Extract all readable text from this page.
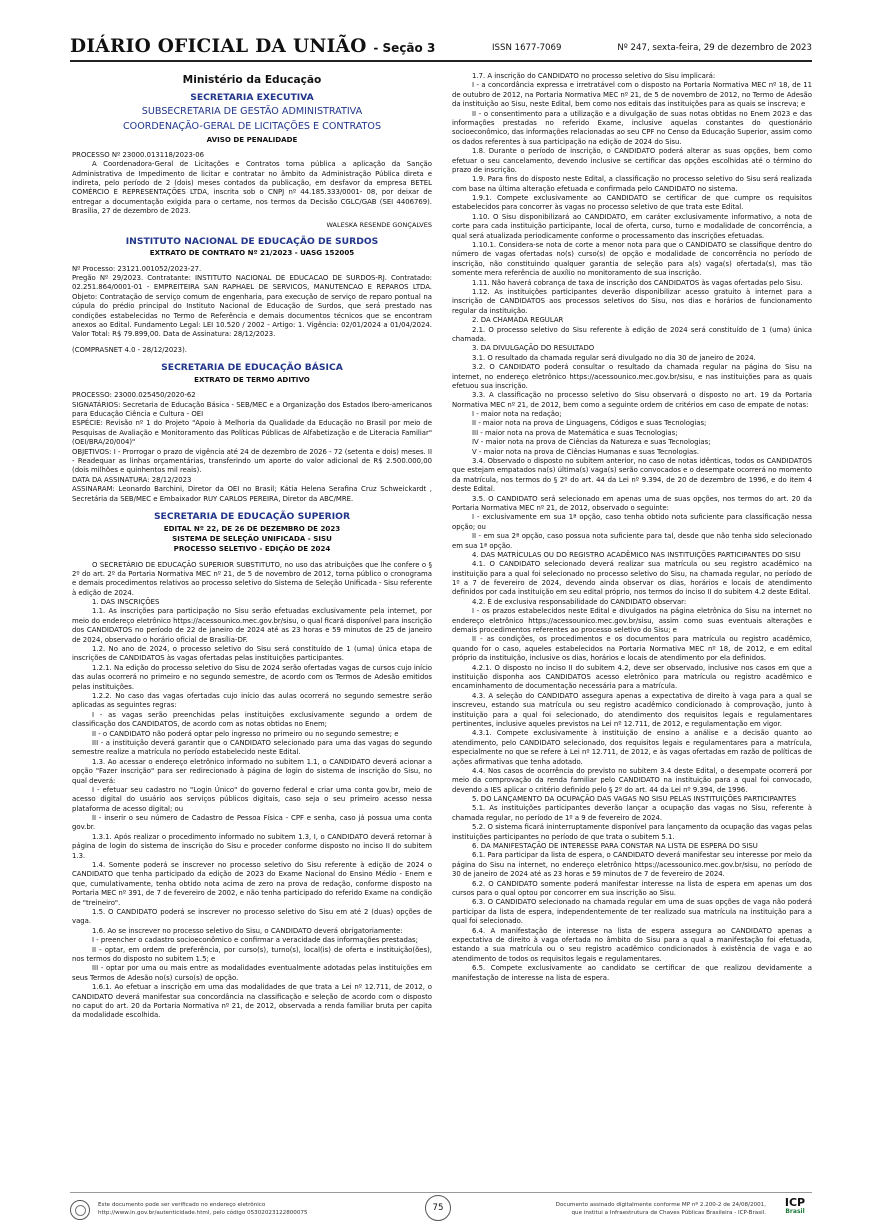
DIÁRIO OFICIAL DA UNIÃO - Seção 3	ISSN 1677-7069	Nº 247, sexta-feira, 29 de dezembro de 2023
Ministério da Educação
SECRETARIA EXECUTIVA
SUBSECRETARIA DE GESTÃO ADMINISTRATIVA
COORDENAÇÃO-GERAL DE LICITAÇÕES E CONTRATOS
AVISO DE PENALIDADE

PROCESSO Nº 23000.013118/2023-06

A Coordenadora-Geral de Licitações e Contratos torna pública a aplicação da Sanção Administrativa de Impedimento de licitar e contratar no âmbito da Administração Pública direta e indireta, pelo período de 2 (dois) meses contados da publicação, em desfavor da empresa BETEL COMÉRCIO E REPRESENTAÇÕES LTDA, inscrita sob o CNPJ nº 44.185.333/0001- 08, por deixar de entregar a documentação exigida para o certame, nos termos da Decisão CGLC/GAB (SEI 4406769). Brasília, 27 de dezembro de 2023.

WALESKA RESENDE GONÇALVES
INSTITUTO NACIONAL DE EDUCAÇÃO DE SURDOS
EXTRATO DE CONTRATO Nº 21/2023 - UASG 152005

Nº Processo: 23121.001052/2023-27.

Pregão Nº 29/2023. Contratante: INSTITUTO NACIONAL DE EDUCACAO DE SURDOS-RJ. Contratado: 02.251.864/0001-01 - EMPREITEIRA SAN RAPHAEL DE SERVICOS, MANUTENCAO E REPAROS LTDA. Objeto: Contratação de serviço comum de engenharia, para execução de serviço de reparo pontual na cúpula do prédio principal do Instituto Nacional de Educação de Surdos, que será prestado nas condições estabelecidas no Termo de Referência e demais documentos técnicos que se encontram anexos ao Edital. Fundamento Legal: LEI 10.520 / 2002 - Artigo: 1. Vigência: 02/01/2024 a 01/04/2024. Valor Total: R$ 79.899,00. Data de Assinatura: 28/12/2023.

(COMPRASNET 4.0 - 28/12/2023).

SECRETARIA DE EDUCAÇÃO BÁSICA
EXTRATO DE TERMO ADITIVO

PROCESSO: 23000.025450/2020-62

SIGNATÁRIOS: Secretaria de Educação Básica - SEB/MEC e a Organização dos Estados Ibero-americanos para Educação Ciência e Cultura - OEI

ESPÉCIE: Revisão nº 1 do Projeto "Apoio à Melhoria da Qualidade da Educação no Brasil por meio de Pesquisas de Avaliação e Monitoramento das Políticas Públicas de Alfabetização e de Literacia Familiar" (OEI/BRA/20/004)"

OBJETIVOS: I - Prorrogar o prazo de vigência até 24 de dezembro de 2026 - 72 (setenta e dois) meses. II - Readequar as linhas orçamentárias, transferindo um aporte do valor adicional de R$ 2.500.000,00 (dois milhões e quinhentos mil reais).

DATA DA ASSINATURA: 28/12/2023

ASSINARAM: Leonardo Barchini, Diretor da OEI no Brasil; Kátia Helena Serafina Cruz Schweickardt , Secretária da SEB/MEC e Embaixador RUY CARLOS PEREIRA, Diretor da ABC/MRE.

SECRETARIA DE EDUCAÇÃO SUPERIOR
EDITAL Nº 22, DE 26 DE DEZEMBRO DE 2023
SISTEMA DE SELEÇÃO UNIFICADA - SISU
PROCESSO SELETIVO - EDIÇÃO DE 2024

O SECRETÁRIO DE EDUCAÇÃO SUPERIOR SUBSTITUTO, no uso das atribuições que lhe confere o § 2º do art. 2º da Portaria Normativa MEC nº 21, de 5 de novembro de 2012, torna público o cronograma e demais procedimentos relativos ao processo seletivo do Sistema de Seleção Unificada - Sisu referente à edição de 2024.

1. DAS INSCRIÇÕES

1.1. As inscrições para participação no Sisu serão efetuadas exclusivamente pela internet, por meio do endereço eletrônico https://acessounico.mec.gov.br/sisu, o qual ficará disponível para inscrição dos CANDIDATOS no período de 22 de janeiro de 2024 até as 23 horas e 59 minutos de 25 de janeiro de 2024, observado o horário oficial de Brasília-DF.

1.2. No ano de 2024, o processo seletivo do Sisu será constituído de 1 (uma) única etapa de inscrições de CANDIDATOS às vagas ofertadas pelas instituições participantes.

1.2.1. Na edição do processo seletivo do Sisu de 2024 serão ofertadas vagas de cursos cujo início das aulas ocorrerá no primeiro e no segundo semestre, de acordo com os Termos de Adesão emitidos pelas instituições.

1.2.2. No caso das vagas ofertadas cujo início das aulas ocorrerá no segundo semestre serão aplicadas as seguintes regras:

I - as vagas serão preenchidas pelas instituições exclusivamente segundo a ordem de classificação dos CANDIDATOS, de acordo com as notas obtidas no Enem;

II - o CANDIDATO não poderá optar pelo ingresso no primeiro ou no segundo semestre; e

III - a instituição deverá garantir que o CANDIDATO selecionado para uma das vagas do segundo semestre realize a matrícula no período estabelecido neste Edital.

1.3. Ao acessar o endereço eletrônico informado no subitem 1.1, o CANDIDATO deverá acionar a opção "Fazer inscrição" para ser redirecionado à página de login do sistema de inscrição do Sisu, no qual deverá:

I - efetuar seu cadastro no "Login Único" do governo federal e criar uma conta gov.br, meio de acesso digital do usuário aos serviços públicos digitais, caso seja o seu primeiro acesso nessa plataforma de acesso digital; ou

II - inserir o seu número de Cadastro de Pessoa Física - CPF e senha, caso já possua uma conta gov.br.

1.3.1. Após realizar o procedimento informado no subitem 1.3, I, o CANDIDATO deverá retornar à página de login do sistema de inscrição do Sisu e proceder conforme disposto no inciso II do subitem 1.3.

1.4. Somente poderá se inscrever no processo seletivo do Sisu referente à edição de 2024 o CANDIDATO que tenha participado da edição de 2023 do Exame Nacional do Ensino Médio - Enem e que, cumulativamente, tenha obtido nota acima de zero na prova de redação, conforme disposto na Portaria MEC nº 391, de 7 de fevereiro de 2002, e não tenha participado do referido Exame na condição de "treineiro".

1.5. O CANDIDATO poderá se inscrever no processo seletivo do Sisu em até 2 (duas) opções de vaga.

1.6. Ao se inscrever no processo seletivo do Sisu, o CANDIDATO deverá obrigatoriamente:

I - preencher o cadastro socioeconômico e confirmar a veracidade das informações prestadas;

II - optar, em ordem de preferência, por curso(s), turno(s), local(is) de oferta e instituição(ões), nos termos do disposto no subitem 1.5; e

III - optar por uma ou mais entre as modalidades eventualmente adotadas pelas instituições em seus Termos de Adesão no(s) curso(s) de opção.

1.6.1. Ao efetuar a inscrição em uma das modalidades de que trata a Lei nº 12.711, de 2012, o CANDIDATO deverá manifestar sua concordância na classificação e seleção de acordo com o disposto no caput do art. 20 da Portaria Normativa nº 21, de 2012, observada a renda familiar bruta per capita da modalidade escolhida.

1.7. A inscrição do CANDIDATO no processo seletivo do Sisu implicará:

I - a concordância expressa e irretratável com o disposto na Portaria Normativa MEC nº 18, de 11 de outubro de 2012, na Portaria Normativa MEC nº 21, de 5 de novembro de 2012, no Termo de Adesão da instituição ao Sisu, neste Edital, bem como nos editais das instituições para as quais se inscreva; e

II - o consentimento para a utilização e a divulgação de suas notas obtidas no Enem 2023 e das informações prestadas no referido Exame, inclusive aquelas constantes do questionário socioeconômico, das informações relacionadas ao seu CPF no Censo da Educação Superior, assim como os dados referentes à sua participação na edição de 2024 do Sisu.

1.8. Durante o período de inscrição, o CANDIDATO poderá alterar as suas opções, bem como efetuar o seu cancelamento, devendo inclusive se certificar das opções escolhidas até o término do prazo de inscrição.

1.9. Para fins do disposto neste Edital, a classificação no processo seletivo do Sisu será realizada com base na última alteração efetuada e confirmada pelo CANDIDATO no sistema.

1.9.1. Compete exclusivamente ao CANDIDATO se certificar de que cumpre os requisitos estabelecidos para concorrer às vagas no processo seletivo de que trata este Edital.

1.10. O Sisu disponibilizará ao CANDIDATO, em caráter exclusivamente informativo, a nota de corte para cada instituição participante, local de oferta, curso, turno e modalidade de concorrência, a qual será atualizada periodicamente conforme o processamento das inscrições efetuadas.

1.10.1. Considera-se nota de corte a menor nota para que o CANDIDATO se classifique dentro do número de vagas ofertadas no(s) curso(s) de opção e modalidade de concorrência no período de inscrição, não constituindo qualquer garantia de seleção para a(s) vaga(s) ofertada(s), mas tão somente mera referência de auxílio no monitoramento de sua inscrição.

1.11. Não haverá cobrança de taxa de inscrição dos CANDIDATOS às vagas ofertadas pelo Sisu.

1.12. As instituições participantes deverão disponibilizar acesso gratuito à internet para a inscrição de CANDIDATOS aos processos seletivos do Sisu, nos dias e horários de funcionamento regular da instituição.

2. DA CHAMADA REGULAR

2.1. O processo seletivo do Sisu referente à edição de 2024 será constituído de 1 (uma) única chamada.

3. DA DIVULGAÇÃO DO RESULTADO

3.1. O resultado da chamada regular será divulgado no dia 30 de janeiro de 2024.

3.2. O CANDIDATO poderá consultar o resultado da chamada regular na página do Sisu na internet, no endereço eletrônico https://acessounico.mec.gov.br/sisu, e nas instituições para as quais efetuou sua inscrição.

3.3. A classificação no processo seletivo do Sisu observará o disposto no art. 19 da Portaria Normativa MEC nº 21, de 2012, bem como a seguinte ordem de critérios em caso de empate de notas:

I - maior nota na redação;

II - maior nota na prova de Linguagens, Códigos e suas Tecnologias;

III - maior nota na prova de Matemática e suas Tecnologias;

IV - maior nota na prova de Ciências da Natureza e suas Tecnologias;

V - maior nota na prova de Ciências Humanas e suas Tecnologias.

3.4. Observado o disposto no subitem anterior, no caso de notas idênticas, todos os CANDIDATOS que estejam empatados na(s) última(s) vaga(s) serão convocados e o desempate ocorrerá no momento da matrícula, nos termos do § 2º do art. 44 da Lei nº 9.394, de 20 de dezembro de 1996, e do item 4 deste Edital.

3.5. O CANDIDATO será selecionado em apenas uma de suas opções, nos termos do art. 20 da Portaria Normativa MEC nº 21, de 2012, observado o seguinte:

I - exclusivamente em sua 1ª opção, caso tenha obtido nota suficiente para classificação nessa opção; ou

II - em sua 2ª opção, caso possua nota suficiente para tal, desde que não tenha sido selecionado em sua 1ª opção.

4. DAS MATRÍCULAS OU DO REGISTRO ACADÊMICO NAS INSTITUIÇÕES PARTICIPANTES DO SISU

4.1. O CANDIDATO selecionado deverá realizar sua matrícula ou seu registro acadêmico na instituição para a qual foi selecionado no processo seletivo do Sisu, na chamada regular, no período de 1º a 7 de fevereiro de 2024, devendo ainda observar os dias, horários e locais de atendimento definidos por cada instituição em seu edital próprio, nos termos do inciso II do subitem 4.2 deste Edital.

4.2. É de exclusiva responsabilidade do CANDIDATO observar:

I - os prazos estabelecidos neste Edital e divulgados na página eletrônica do Sisu na internet no endereço eletrônico https://acessounico.mec.gov.br/sisu, assim como suas eventuais alterações e demais procedimentos referentes ao processo seletivo do Sisu; e

II - as condições, os procedimentos e os documentos para matrícula ou registro acadêmico, quando for o caso, aqueles estabelecidos na Portaria Normativa MEC nº 18, de 2012, e em edital próprio da instituição, inclusive os dias, horários e locais de atendimento por ela definidos.

4.2.1. O disposto no inciso II do subitem 4.2, deve ser observado, inclusive nos casos em que a instituição disponha aos CANDIDATOS acesso eletrônico para matrícula ou registro acadêmico e encaminhamento de documentação necessária para a matrícula.

4.3. A seleção do CANDIDATO assegura apenas a expectativa de direito à vaga para a qual se inscreveu, estando sua matrícula ou seu registro acadêmico condicionado à comprovação, junto à instituição para a qual foi selecionado, do atendimento dos requisitos legais e regulamentares pertinentes, inclusive aqueles previstos na Lei nº 12.711, de 2012, e regulamentação em vigor.

4.3.1. Compete exclusivamente à instituição de ensino a análise e a decisão quanto ao atendimento, pelo CANDIDATO selecionado, dos requisitos legais e regulamentares para a matrícula, especialmente no que se refere à Lei nº 12.711, de 2012, e às vagas ofertadas em razão de políticas de ações afirmativas que tenha adotado.

4.4. Nos casos de ocorrência do previsto no subitem 3.4 deste Edital, o desempate ocorrerá por meio da comprovação da renda familiar pelo CANDIDATO na instituição para a qual foi convocado, devendo a IES aplicar o critério definido pelo § 2º do art. 44 da Lei nº 9.394, de 1996.

5. DO LANÇAMENTO DA OCUPAÇÃO DAS VAGAS NO SISU PELAS INSTITUIÇÕES PARTICIPANTES

5.1. As instituições participantes deverão lançar a ocupação das vagas no Sisu, referente à chamada regular, no período de 1º a 9 de fevereiro de 2024.

5.2. O sistema ficará ininterruptamente disponível para lançamento da ocupação das vagas pelas instituições participantes no período de que trata o subitem 5.1.

6. DA MANIFESTAÇÃO DE INTERESSE PARA CONSTAR NA LISTA DE ESPERA DO SISU

6.1. Para participar da lista de espera, o CANDIDATO deverá manifestar seu interesse por meio da página do Sisu na internet, no endereço eletrônico https://acessounico.mec.gov.br/sisu, no período de 30 de janeiro de 2024 até as 23 horas e 59 minutos de 7 de fevereiro de 2024.

6.2. O CANDIDATO somente poderá manifestar interesse na lista de espera em apenas um dos cursos para o qual optou por concorrer em sua inscrição ao Sisu.

6.3. O CANDIDATO selecionado na chamada regular em uma de suas opções de vaga não poderá participar da lista de espera, independentemente de ter realizado sua matrícula na instituição para a qual foi selecionado.

6.4. A manifestação de interesse na lista de espera assegura ao CANDIDATO apenas a expectativa de direito à vaga ofertada no âmbito do Sisu para a qual a manifestação foi efetuada, estando a sua matrícula ou o seu registro acadêmico condicionados à existência de vaga e ao atendimento de todos os requisitos legais e regulamentares.

6.5. Compete exclusivamente ao candidato se certificar de que realizou devidamente a manifestação de interesse na lista de espera.

Este documento pode ser verificado no endereço eletrônico
http://www.in.gov.br/autenticidade.html, pelo código 05302023122800075
75	Documento assinado digitalmente conforme MP nº 2.200-2 de 24/08/2001,
que institui a Infraestrutura de Chaves Públicas Brasileira - ICP-Brasil.
ICP
Brasil
